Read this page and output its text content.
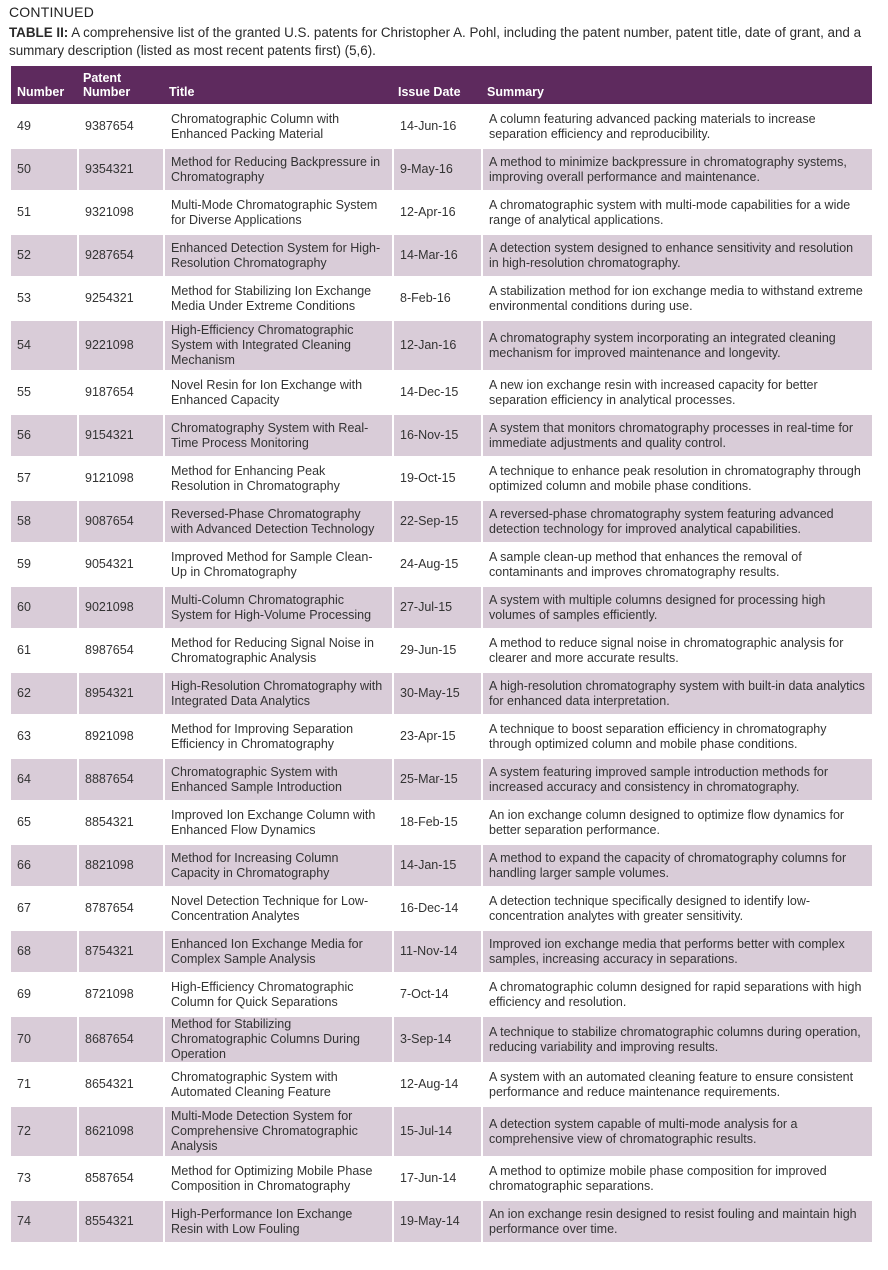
CONTINUED
TABLE II: A comprehensive list of the granted U.S. patents for Christopher A. Pohl, including the patent number, patent title, date of grant, and a summary description (listed as most recent patents first) (5,6).
Number	Patent Number	Title	Issue Date	Summary
49	9387654	Chromatographic Column with Enhanced Packing Material	14-Jun-16	A column featuring advanced packing materials to increase separation efficiency and reproducibility.
50	9354321	Method for Reducing Backpressure in Chromatography	9-May-16	A method to minimize backpressure in chromatography systems, improving overall performance and maintenance.
51	9321098	Multi-Mode Chromatographic System for Diverse Applications	12-Apr-16	A chromatographic system with multi-mode capabilities for a wide range of analytical applications.
52	9287654	Enhanced Detection System for High-Resolution Chromatography	14-Mar-16	A detection system designed to enhance sensitivity and resolution in high-resolution chromatography.
53	9254321	Method for Stabilizing Ion Exchange Media Under Extreme Conditions	8-Feb-16	A stabilization method for ion exchange media to withstand extreme environmental conditions during use.
54	9221098	High-Efficiency Chromatographic System with Integrated Cleaning Mechanism	12-Jan-16	A chromatography system incorporating an integrated cleaning mechanism for improved maintenance and longevity.
55	9187654	Novel Resin for Ion Exchange with Enhanced Capacity	14-Dec-15	A new ion exchange resin with increased capacity for better separation efficiency in analytical processes.
56	9154321	Chromatography System with Real-Time Process Monitoring	16-Nov-15	A system that monitors chromatography processes in real-time for immediate adjustments and quality control.
57	9121098	Method for Enhancing Peak Resolution in Chromatography	19-Oct-15	A technique to enhance peak resolution in chromatography through optimized column and mobile phase conditions.
58	9087654	Reversed-Phase Chromatography with Advanced Detection Technology	22-Sep-15	A reversed-phase chromatography system featuring advanced detection technology for improved analytical capabilities.
59	9054321	Improved Method for Sample Clean-Up in Chromatography	24-Aug-15	A sample clean-up method that enhances the removal of contaminants and improves chromatography results.
60	9021098	Multi-Column Chromatographic System for High-Volume Processing	27-Jul-15	A system with multiple columns designed for processing high volumes of samples efficiently.
61	8987654	Method for Reducing Signal Noise in Chromatographic Analysis	29-Jun-15	A method to reduce signal noise in chromatographic analysis for clearer and more accurate results.
62	8954321	High-Resolution Chromatography with Integrated Data Analytics	30-May-15	A high-resolution chromatography system with built-in data analytics for enhanced data interpretation.
63	8921098	Method for Improving Separation Efficiency in Chromatography	23-Apr-15	A technique to boost separation efficiency in chromatography through optimized column and mobile phase conditions.
64	8887654	Chromatographic System with Enhanced Sample Introduction	25-Mar-15	A system featuring improved sample introduction methods for increased accuracy and consistency in chromatography.
65	8854321	Improved Ion Exchange Column with Enhanced Flow Dynamics	18-Feb-15	An ion exchange column designed to optimize flow dynamics for better separation performance.
66	8821098	Method for Increasing Column Capacity in Chromatography	14-Jan-15	A method to expand the capacity of chromatography columns for handling larger sample volumes.
67	8787654	Novel Detection Technique for Low-Concentration Analytes	16-Dec-14	A detection technique specifically designed to identify low-concentration analytes with greater sensitivity.
68	8754321	Enhanced Ion Exchange Media for Complex Sample Analysis	11-Nov-14	Improved ion exchange media that performs better with complex samples, increasing accuracy in separations.
69	8721098	High-Efficiency Chromatographic Column for Quick Separations	7-Oct-14	A chromatographic column designed for rapid separations with high efficiency and resolution.
70	8687654	Method for Stabilizing Chromatographic Columns During Operation	3-Sep-14	A technique to stabilize chromatographic columns during operation, reducing variability and improving results.
71	8654321	Chromatographic System with Automated Cleaning Feature	12-Aug-14	A system with an automated cleaning feature to ensure consistent performance and reduce maintenance requirements.
72	8621098	Multi-Mode Detection System for Comprehensive Chromatographic Analysis	15-Jul-14	A detection system capable of multi-mode analysis for a comprehensive view of chromatographic results.
73	8587654	Method for Optimizing Mobile Phase Composition in Chromatography	17-Jun-14	A method to optimize mobile phase composition for improved chromatographic separations.
74	8554321	High-Performance Ion Exchange Resin with Low Fouling	19-May-14	An ion exchange resin designed to resist fouling and maintain high performance over time.
